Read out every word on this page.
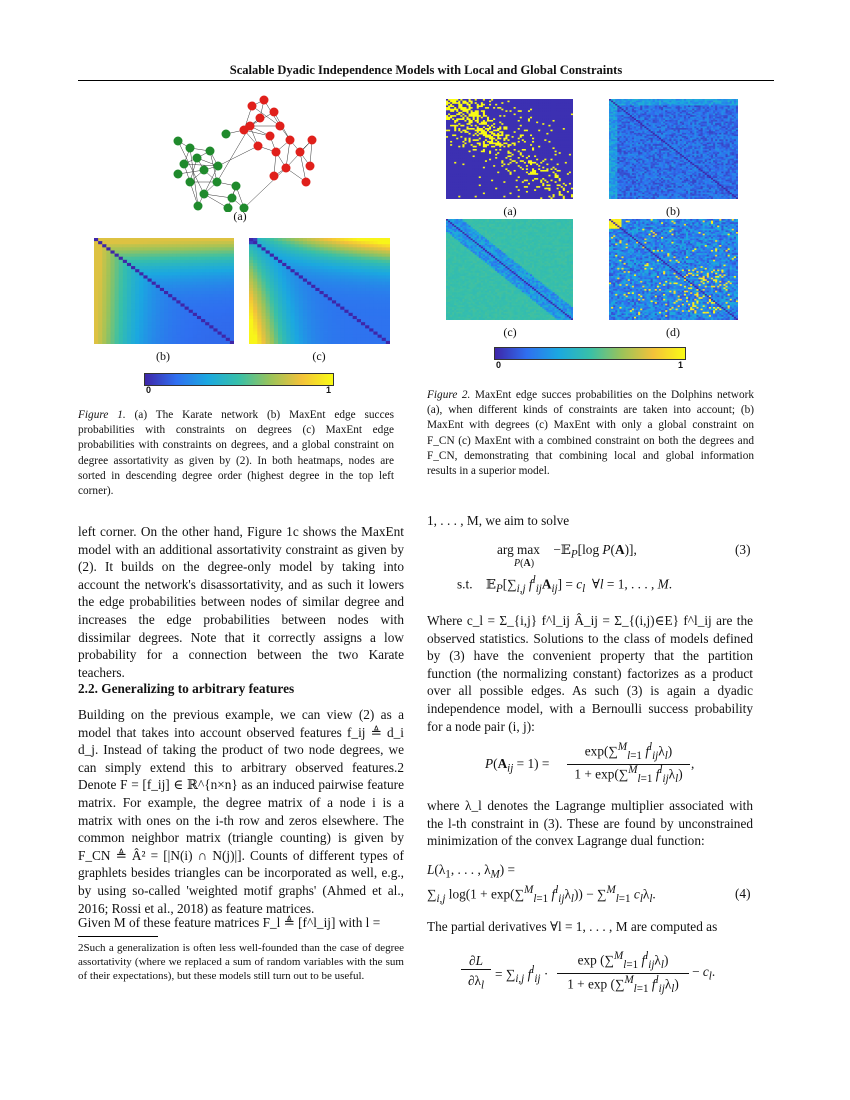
Scalable Dyadic Independence Models with Local and Global Constraints
(a)
(b)	(c)
0	1
Figure 1. (a) The Karate network (b) MaxEnt edge succes probabilities with constraints on degrees (c) MaxEnt edge probabilities with constraints on degrees, and a global constraint on degree assortativity as given by (2). In both heatmaps, nodes are sorted in descending degree order (highest degree in the top left corner).
(a)	(b)
(c)	(d)
0	1
Figure 2. MaxEnt edge succes probabilities on the Dolphins network (a), when different kinds of constraints are taken into account; (b) MaxEnt with degrees (c) MaxEnt with only a global constraint on F_CN (c) MaxEnt with a combined constraint on both the degrees and F_CN, demonstrating that combining local and global information results in a superior model.
left corner. On the other hand, Figure 1c shows the MaxEnt model with an additional assortativity constraint as given by (2). It builds on the degree-only model by taking into account the network's disassortativity, and as such it lowers the edge probabilities between nodes of similar degree and increases the edge probabilities between nodes with dissimilar degrees. Note that it correctly assigns a low probability for a connection between the two Karate teachers.
2.2. Generalizing to arbitrary features
Building on the previous example, we can view (2) as a model that takes into account observed features f_ij ≜ d_i d_j. Instead of taking the product of two node degrees, we can simply extend this to arbitrary observed features.2 Denote F = [f_ij] ∈ ℝ^{n×n} as an induced pairwise feature matrix. For example, the degree matrix of a node i is a matrix with ones on the i-th row and zeros elsewhere. The common neighbor matrix (triangle counting) is given by F_CN ≜ Â² = [|N(i) ∩ N(j)|]. Counts of different types of graphlets besides triangles can be incorporated as well, e.g., by using so-called 'weighted motif graphs' (Ahmed et al., 2016; Rossi et al., 2018) as feature matrices.
Given M of these feature matrices F_l ≜ [f^l_ij] with l =
2Such a generalization is often less well-founded than the case of degree assortativity (where we replaced a sum of random variables with the sum of their expectations), but these models still turn out to be useful.
1, . . . , M, we aim to solve
arg max    −𝔼$_P$[log P(A)],
P(A)
s.t.    $𝔼_P[\sum_{i,j}$ $f^l_{ij}A_{ij}] = c_l$  ∀l = 1, . . . , M.
(3)
Where c_l = Σ_{i,j} f^l_ij Â_ij = Σ_{(i,j)∈E} f^l_ij are the observed statistics. Solutions to the class of models defined by (3) have the convenient property that the partition function (the normalizing constant) factorizes as a product over all possible edges. As such (3) is again a dyadic independence model, with a Bernoulli success probability for a node pair (i, j):
$P(A_{ij} = 1)$ =
exp(∑$^M_{l=1}$ $f^l_{ij}\lambda_l$)
1 + exp(∑$^M_{l=1}$ $f^l_{ij}\lambda_l$)
,
where λ_l denotes the Lagrange multiplier associated with the l-th constraint in (3). These are found by unconstrained minimization of the convex Lagrange dual function:
$L(\lambda_1$, . . . , $\lambda_M$) =
$\sum_{i,j}$ log(1 + exp(∑$^M_{l=1}$ $f^l_{ij}\lambda_l)) - \sum^M_{l=1}$ $c_l\lambda_l$.	(4)
The partial derivatives ∀l = 1, . . . , M are computed as
∂L
$\partial\lambda_l$
= $\sum_{i,j}$ $f^l_{ij}$ ·
exp (∑$^M_{l=1}$ $f^l_{ij}\lambda_l$)
1 + exp (∑$^M_{l=1}$ $f^l_{ij}\lambda_l$)
− $c_l$.
